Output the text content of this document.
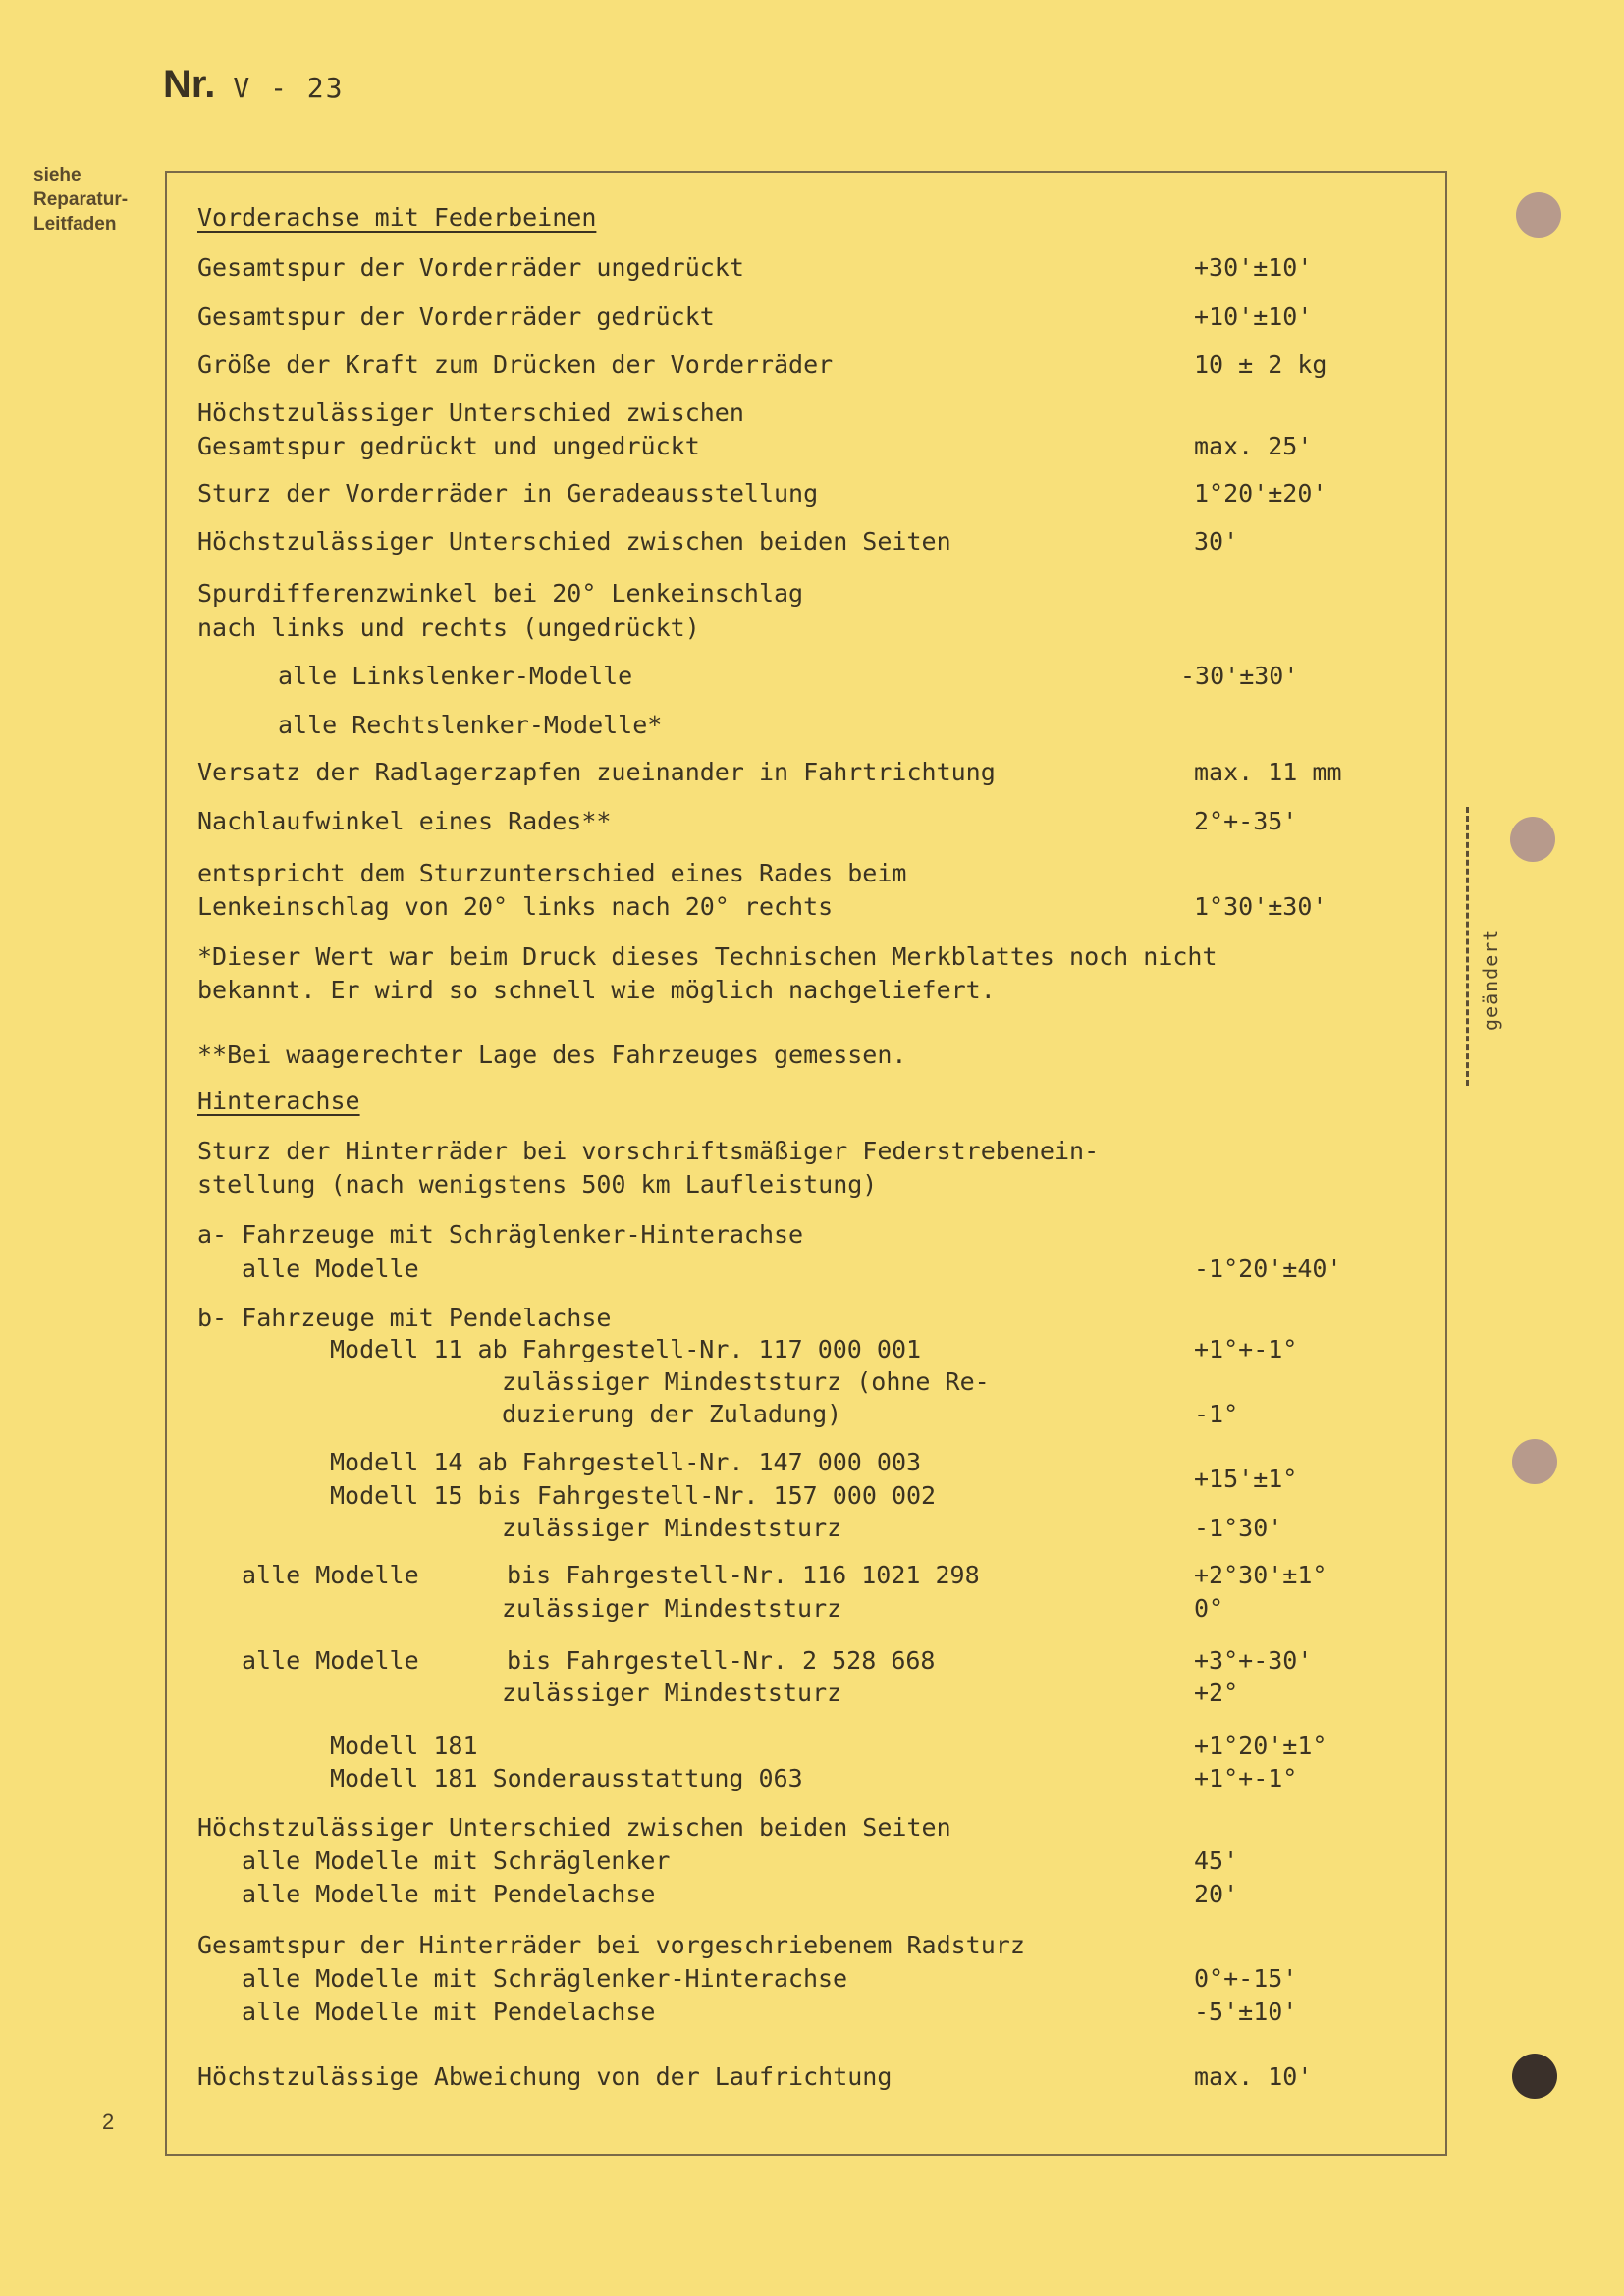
Nr. V - 23
siehe
Reparatur-
Leitfaden
geändert
Vorderachse mit Federbeinen
Gesamtspur der Vorderräder ungedrückt	+30'±10'
Gesamtspur der Vorderräder gedrückt	+10'±10'
Größe der Kraft zum Drücken der Vorderräder	10 ± 2 kg
Höchstzulässiger Unterschied zwischen
Gesamtspur gedrückt und ungedrückt	max. 25'
Sturz der Vorderräder in Geradeausstellung	1°20'±20'
Höchstzulässiger Unterschied zwischen beiden Seiten	30'
Spurdifferenzwinkel bei 20° Lenkeinschlag
nach links und rechts (ungedrückt)
alle Linkslenker-Modelle	-30'±30'
alle Rechtslenker-Modelle*
Versatz der Radlagerzapfen zueinander in Fahrtrichtung	max. 11 mm
Nachlaufwinkel eines Rades**	2°+-35'
entspricht dem Sturzunterschied eines Rades beim
Lenkeinschlag von 20° links nach 20° rechts	1°30'±30'
*Dieser Wert war beim Druck dieses Technischen Merkblattes noch nicht
bekannt. Er wird so schnell wie möglich nachgeliefert.
**Bei waagerechter Lage des Fahrzeuges gemessen.
Hinterachse
Sturz der Hinterräder bei vorschriftsmäßiger Federstrebenein-
stellung (nach wenigstens 500 km Laufleistung)
a- Fahrzeuge mit Schräglenker-Hinterachse
alle Modelle	-1°20'±40'
b- Fahrzeuge mit Pendelachse
Modell 11 ab Fahrgestell-Nr. 117 000 001	+1°+-1°
zulässiger Mindeststurz (ohne Re-
duzierung der Zuladung)	-1°
Modell 14 ab Fahrgestell-Nr. 147 000 003
Modell 15 bis Fahrgestell-Nr. 157 000 002
+15'±1°
zulässiger Mindeststurz	-1°30'
alle Modelle	bis Fahrgestell-Nr. 116 1021 298	+2°30'±1°
zulässiger Mindeststurz	0°
alle Modelle	bis Fahrgestell-Nr. 2 528 668	+3°+-30'
zulässiger Mindeststurz	+2°
Modell 181	+1°20'±1°
Modell 181 Sonderausstattung 063	+1°+-1°
Höchstzulässiger Unterschied zwischen beiden Seiten
alle Modelle mit Schräglenker	45'
alle Modelle mit Pendelachse	20'
Gesamtspur der Hinterräder bei vorgeschriebenem Radsturz
alle Modelle mit Schräglenker-Hinterachse	0°+-15'
alle Modelle mit Pendelachse	-5'±10'
Höchstzulässige Abweichung von der Laufrichtung	max. 10'
2
